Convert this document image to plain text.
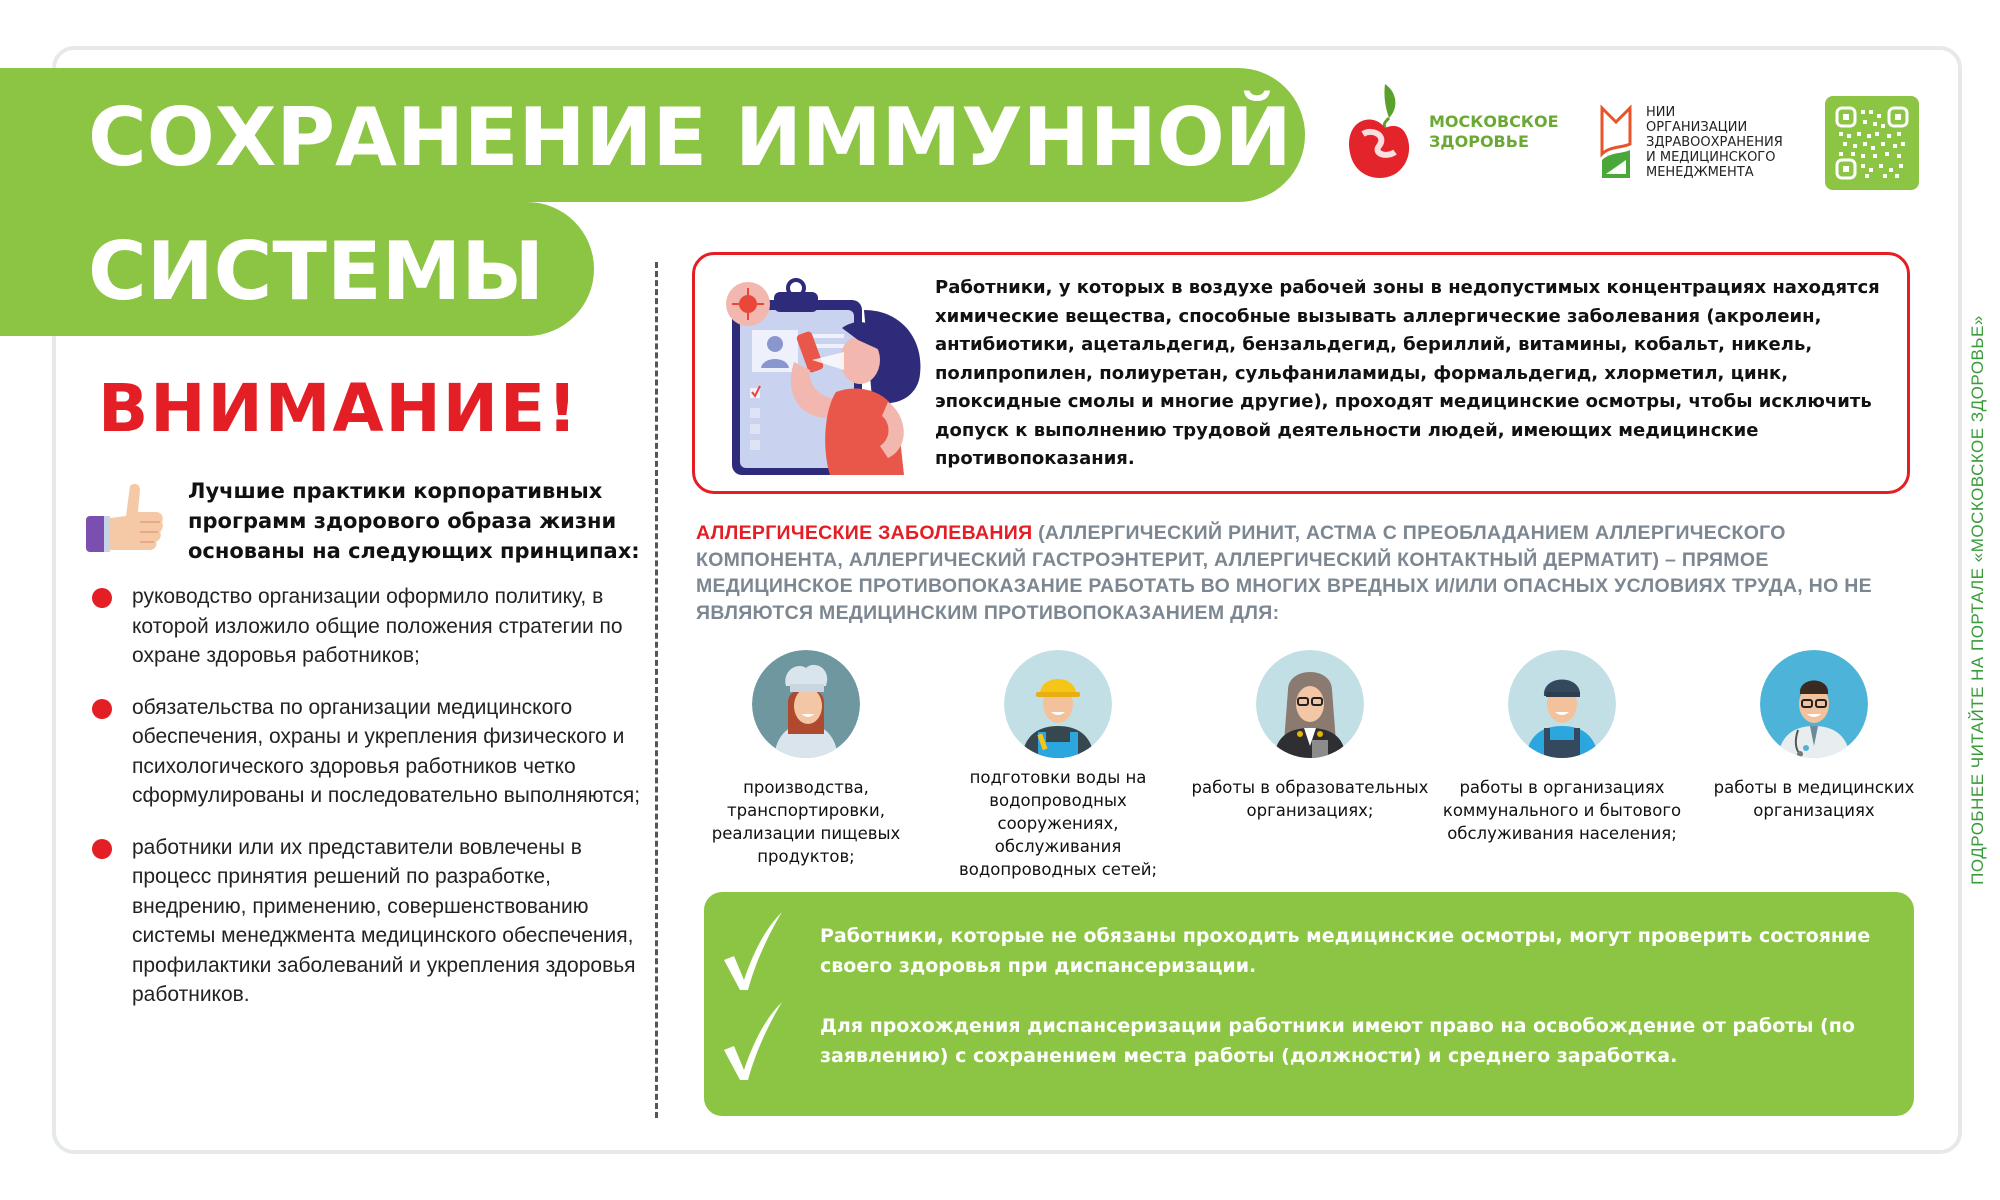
СОХРАНЕНИЕ ИММУННОЙ
СИСТЕМЫ
МОСКОВСКОЕ
ЗДОРОВЬЕ
НИИ
ОРГАНИЗАЦИИ
ЗДРАВООХРАНЕНИЯ
И МЕДИЦИНСКОГО
МЕНЕДЖМЕНТА
ПОДРОБНЕЕ ЧИТАЙТЕ НА ПОРТАЛЕ «МОСКОВСКОЕ ЗДОРОВЬЕ»
ВНИМАНИЕ!
Лучшие практики корпоративных программ здорового образа жизни основаны на следующих принципах:
руководство организации оформило политику, в которой изложило общие положения стратегии по охране здоровья работников;
обязательства по организации медицинского обеспечения, охраны и укрепления физического и психологического здоровья работников четко сформулированы и последовательно выполняются;
работники или их представители вовлечены в процесс принятия решений по разработке, внедрению, применению, совершенствованию системы менеджмента медицинского обеспечения, профилактики заболеваний и укрепления здоровья работников.
Работники, у которых в воздухе рабочей зоны в недопустимых концентрациях находятся химические вещества, способные вызывать аллергические заболевания (акролеин, антибиотики, ацетальдегид, бензальдегид, бериллий, витамины, кобальт, никель, полипропилен, полиуретан, сульфаниламиды, формальдегид, хлорметил, цинк, эпоксидные смолы и многие другие), проходят медицинские осмотры, чтобы исключить допуск к выполнению трудовой деятельности людей, имеющих медицинские противопоказания.
АЛЛЕРГИЧЕСКИЕ ЗАБОЛЕВАНИЯ (АЛЛЕРГИЧЕСКИЙ РИНИТ, АСТМА С ПРЕОБЛАДАНИЕМ АЛЛЕРГИЧЕСКОГО КОМПОНЕНТА, АЛЛЕРГИЧЕСКИЙ ГАСТРОЭНТЕРИТ, АЛЛЕРГИЧЕСКИЙ КОНТАКТНЫЙ ДЕРМАТИТ) – ПРЯМОЕ МЕДИЦИНСКОЕ ПРОТИВОПОКАЗАНИЕ РАБОТАТЬ ВО МНОГИХ ВРЕДНЫХ И/ИЛИ ОПАСНЫХ УСЛОВИЯХ ТРУДА, НО НЕ ЯВЛЯЮТСЯ МЕДИЦИНСКИМ ПРОТИВОПОКАЗАНИЕМ ДЛЯ:
производства, транспортировки, реализации пищевых продуктов;
подготовки воды на водопроводных сооружениях, обслуживания водопроводных сетей;
работы в образовательных организациях;
работы в организациях коммунального и бытового обслуживания населения;
работы в медицинских организациях
Работники, которые не обязаны проходить медицинские осмотры, могут проверить состояние своего здоровья при диспансеризации.
Для прохождения диспансеризации работники имеют право на освобождение от работы (по заявлению) с сохранением места работы (должности) и среднего заработка.
